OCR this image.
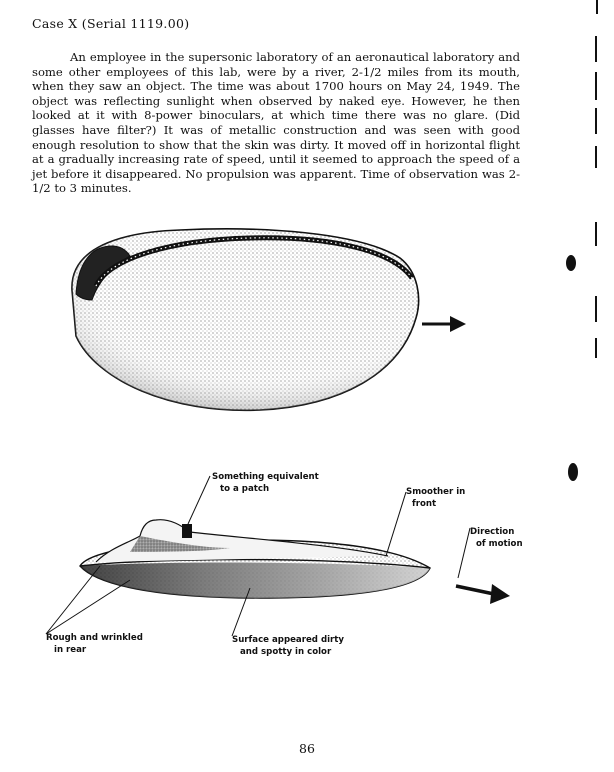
Case X (Serial 1119.00)
An employee in the supersonic laboratory of an aeronautical laboratory and some other employees of this lab, were by a river, 2-1/2 miles from its mouth, when they saw an object. The time was about 1700 hours on May 24, 1949. The object was reflecting sunlight when observed by naked eye. However, he then looked at it with 8-power binoculars, at which time there was no glare. (Did glasses have filter?) It was of metallic construction and was seen with good enough resolution to show that the skin was dirty. It moved off in horizontal flight at a gradually increasing rate of speed, until it seemed to approach the speed of a jet before it disappeared. No propulsion was apparent. Time of observation was 2-1/2 to 3 minutes.
Something equivalent
to a patch	Smoother in
front
Direction
of motion
Rough and wrinkled
in rear
Surface appeared dirty
and spotty in color
86
